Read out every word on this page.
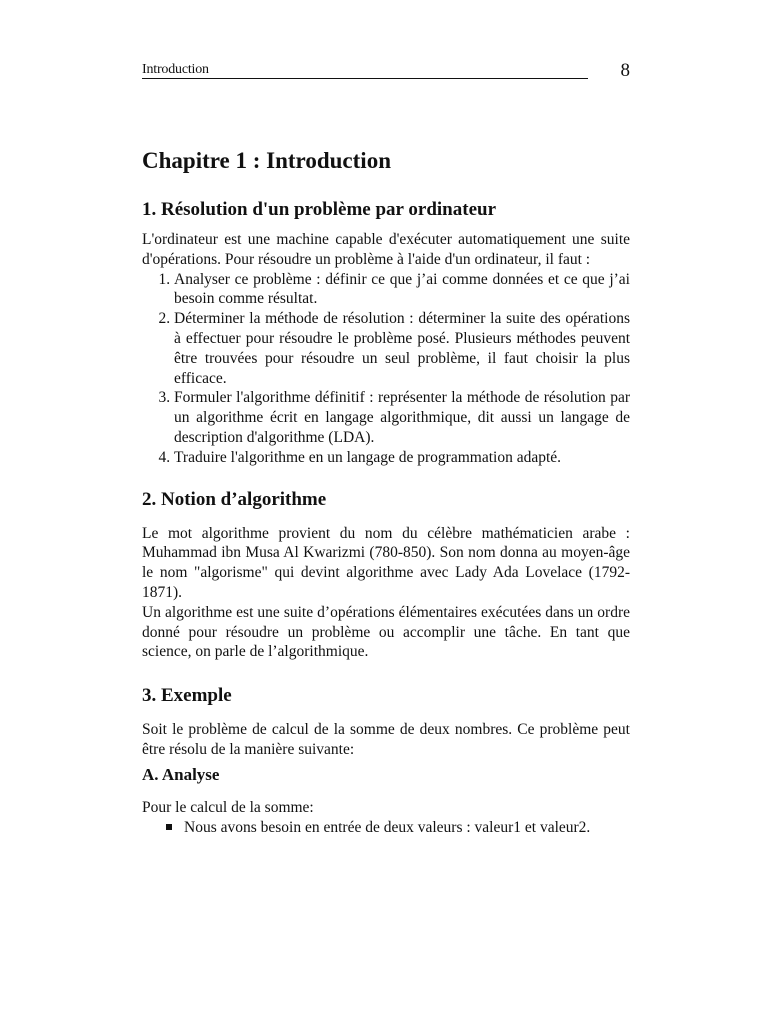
Introduction	8
Chapitre 1 : Introduction
1. Résolution d'un problème par ordinateur

L'ordinateur est une machine capable d'exécuter automatiquement une suite d'opérations. Pour résoudre un problème à l'aide d'un ordinateur, il faut :

1. Analyser ce problème : définir ce que j’ai comme données et ce que j’ai besoin comme résultat.
2. Déterminer la méthode de résolution : déterminer la suite des opérations à effectuer pour résoudre le problème posé. Plusieurs méthodes peuvent être trouvées pour résoudre un seul problème, il faut choisir la plus efficace.
3. Formuler l'algorithme définitif : représenter la méthode de résolution par un algorithme écrit en langage algorithmique, dit aussi un langage de description d'algorithme (LDA).
4. Traduire l'algorithme en un langage de programmation adapté.
2. Notion d’algorithme

Le mot algorithme provient du nom du célèbre mathématicien arabe : Muhammad ibn Musa Al Kwarizmi (780-850). Son nom donna au moyen-âge le nom "algorisme" qui devint algorithme avec Lady Ada Lovelace (1792-1871).

Un algorithme est une suite d’opérations élémentaires exécutées dans un ordre donné pour résoudre un problème ou accomplir une tâche. En tant que science, on parle de l’algorithmique.

3. Exemple

Soit le problème de calcul de la somme de deux nombres. Ce problème peut être résolu de la manière suivante:

A. Analyse

Pour le calcul de la somme:

Nous avons besoin en entrée de deux valeurs : valeur1 et valeur2.
